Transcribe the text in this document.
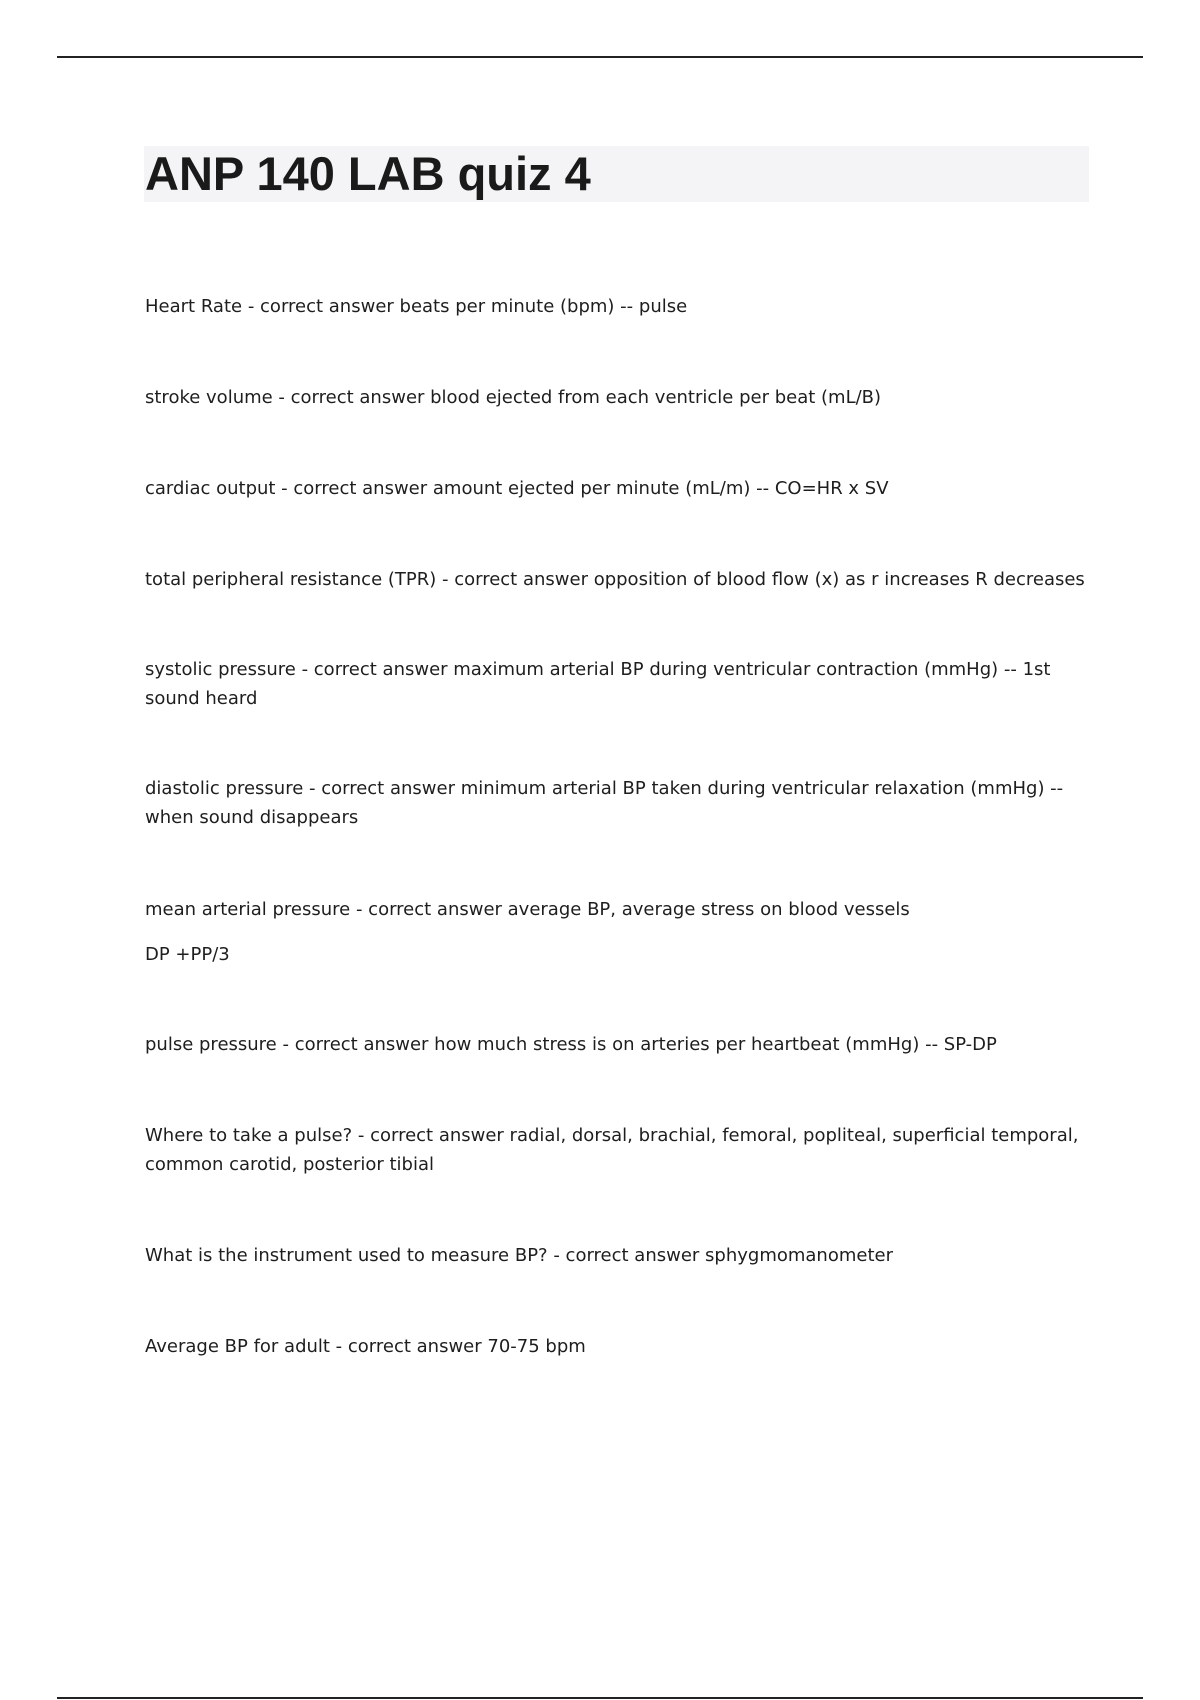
ANP 140 LAB quiz 4

Heart Rate - correct answer beats per minute (bpm) -- pulse

stroke volume - correct answer blood ejected from each ventricle per beat (mL/B)

cardiac output - correct answer amount ejected per minute (mL/m) -- CO=HR x SV

total peripheral resistance (TPR) - correct answer opposition of blood flow (x) as r increases R decreases

systolic pressure - correct answer maximum arterial BP during ventricular contraction (mmHg) -- 1st sound heard

diastolic pressure - correct answer minimum arterial BP taken during ventricular relaxation (mmHg) -- when sound disappears

mean arterial pressure - correct answer average BP, average stress on blood vessels
DP +PP/3

pulse pressure - correct answer how much stress is on arteries per heartbeat (mmHg) -- SP-DP

Where to take a pulse? - correct answer radial, dorsal, brachial, femoral, popliteal, superficial temporal, common carotid, posterior tibial

What is the instrument used to measure BP? - correct answer sphygmomanometer

Average BP for adult - correct answer 70-75 bpm
